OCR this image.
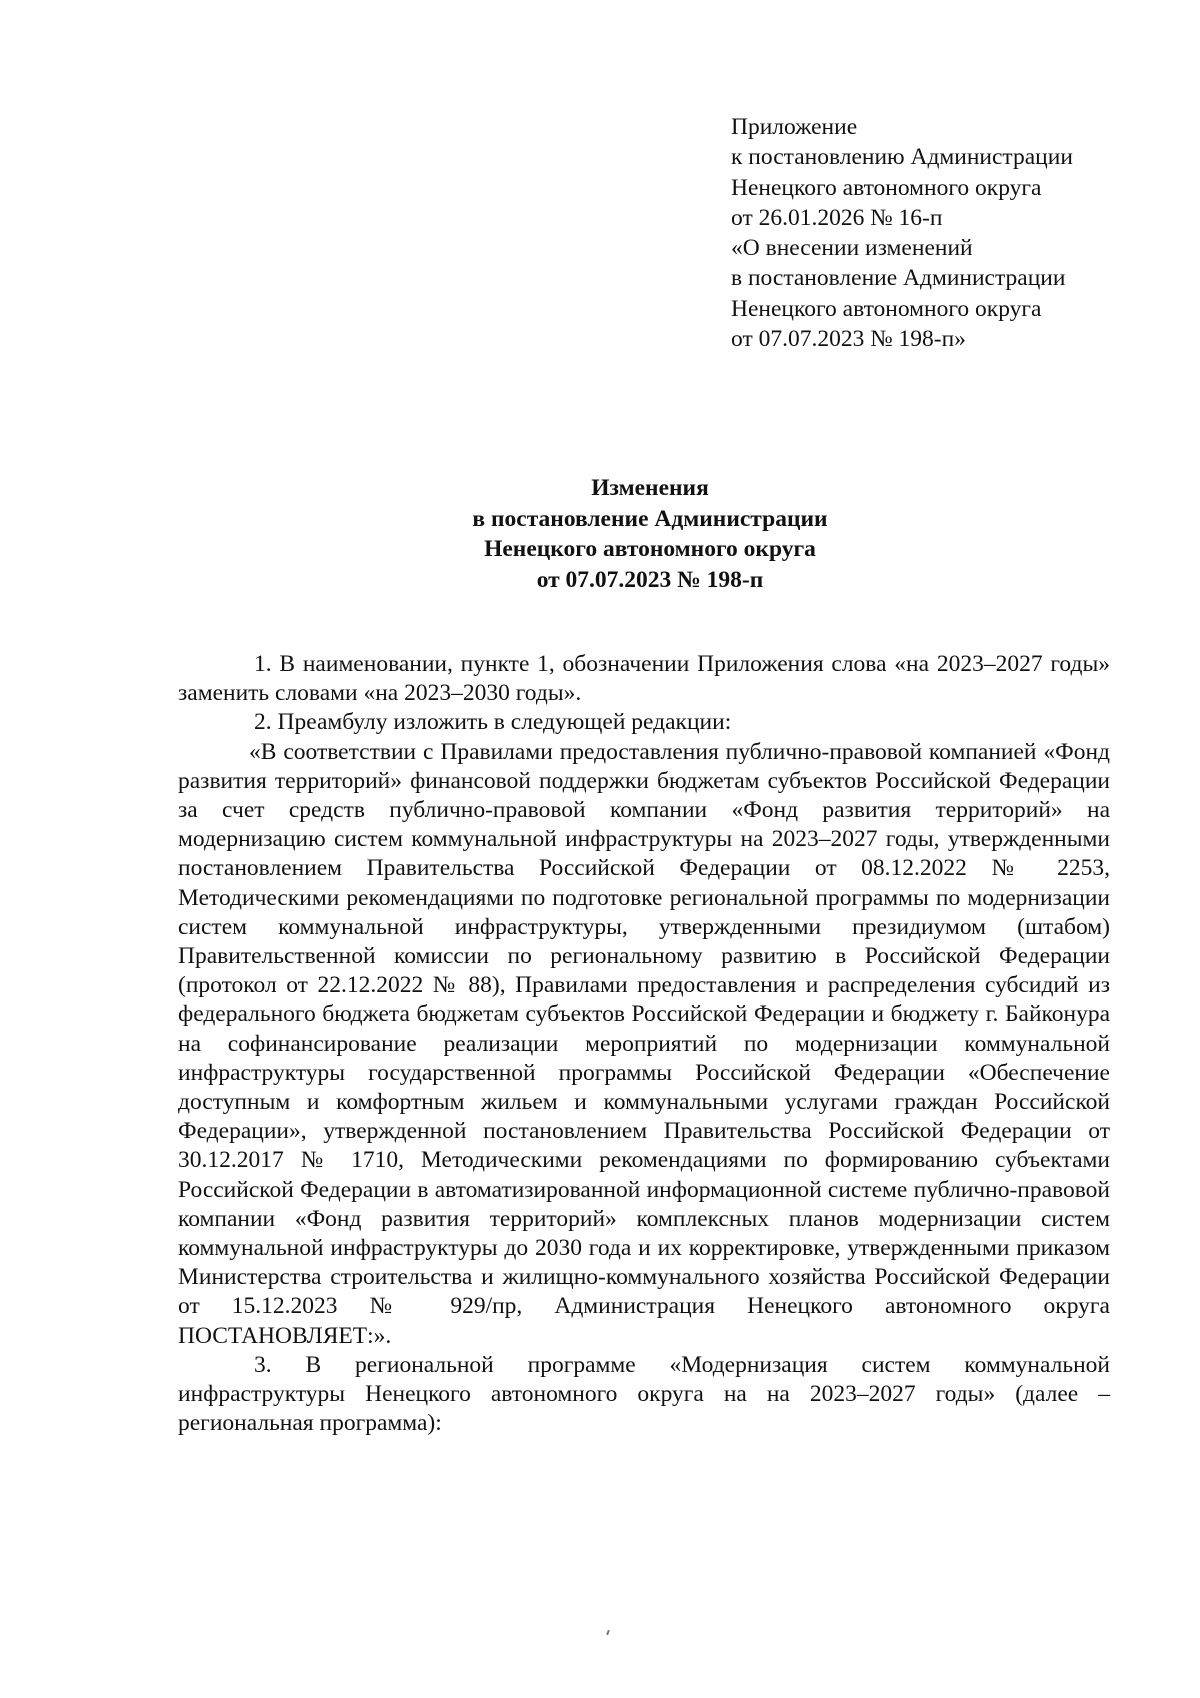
Приложение
к постановлению Администрации
Ненецкого автономного округа
от 26.01.2026 № 16-п
«О внесении изменений
в постановление Администрации
Ненецкого автономного округа
от 07.07.2023 № 198-п»
Изменения
в постановление Администрации
Ненецкого автономного округа
от 07.07.2023 № 198-п

1. В наименовании, пункте 1, обозначении Приложения слова «на 2023–2027 годы» заменить словами «на 2023–2030 годы».

2. Преамбулу изложить в следующей редакции:

«В соответствии с Правилами предоставления публично-правовой компанией «Фонд развития территорий» финансовой поддержки бюджетам субъектов Российской Федерации за счет средств публично-правовой компании «Фонд развития территорий» на модернизацию систем коммунальной инфраструктуры на 2023–2027 годы, утвержденными постановлением Правительства Российской Федерации от 08.12.2022 № 2253, Методическими рекомендациями по подготовке региональной программы по модернизации систем коммунальной инфраструктуры, утвержденными президиумом (штабом) Правительственной комиссии по региональному развитию в Российской Федерации (протокол от 22.12.2022 № 88), Правилами предоставления и распределения субсидий из федерального бюджета бюджетам субъектов Российской Федерации и бюджету г. Байконура на софинансирование реализации мероприятий по модернизации коммунальной инфраструктуры государственной программы Российской Федерации «Обеспечение доступным и комфортным жильем и коммунальными услугами граждан Российской Федерации», утвержденной постановлением Правительства Российской Федерации от 30.12.2017 № 1710, Методическими рекомендациями по формированию субъектами Российской Федерации в автоматизированной информационной системе публично-правовой компании «Фонд развития территорий» комплексных планов модернизации систем коммунальной инфраструктуры до 2030 года и их корректировке, утвержденными приказом Министерства строительства и жилищно-коммунального хозяйства Российской Федерации от 15.12.2023 № 929/пр, Администрация Ненецкого автономного округа ПОСТАНОВЛЯЕТ:».

3. В региональной программе «Модернизация систем коммунальной инфраструктуры Ненецкого автономного округа на на 2023–2027 годы» (далее – региональная программа):
